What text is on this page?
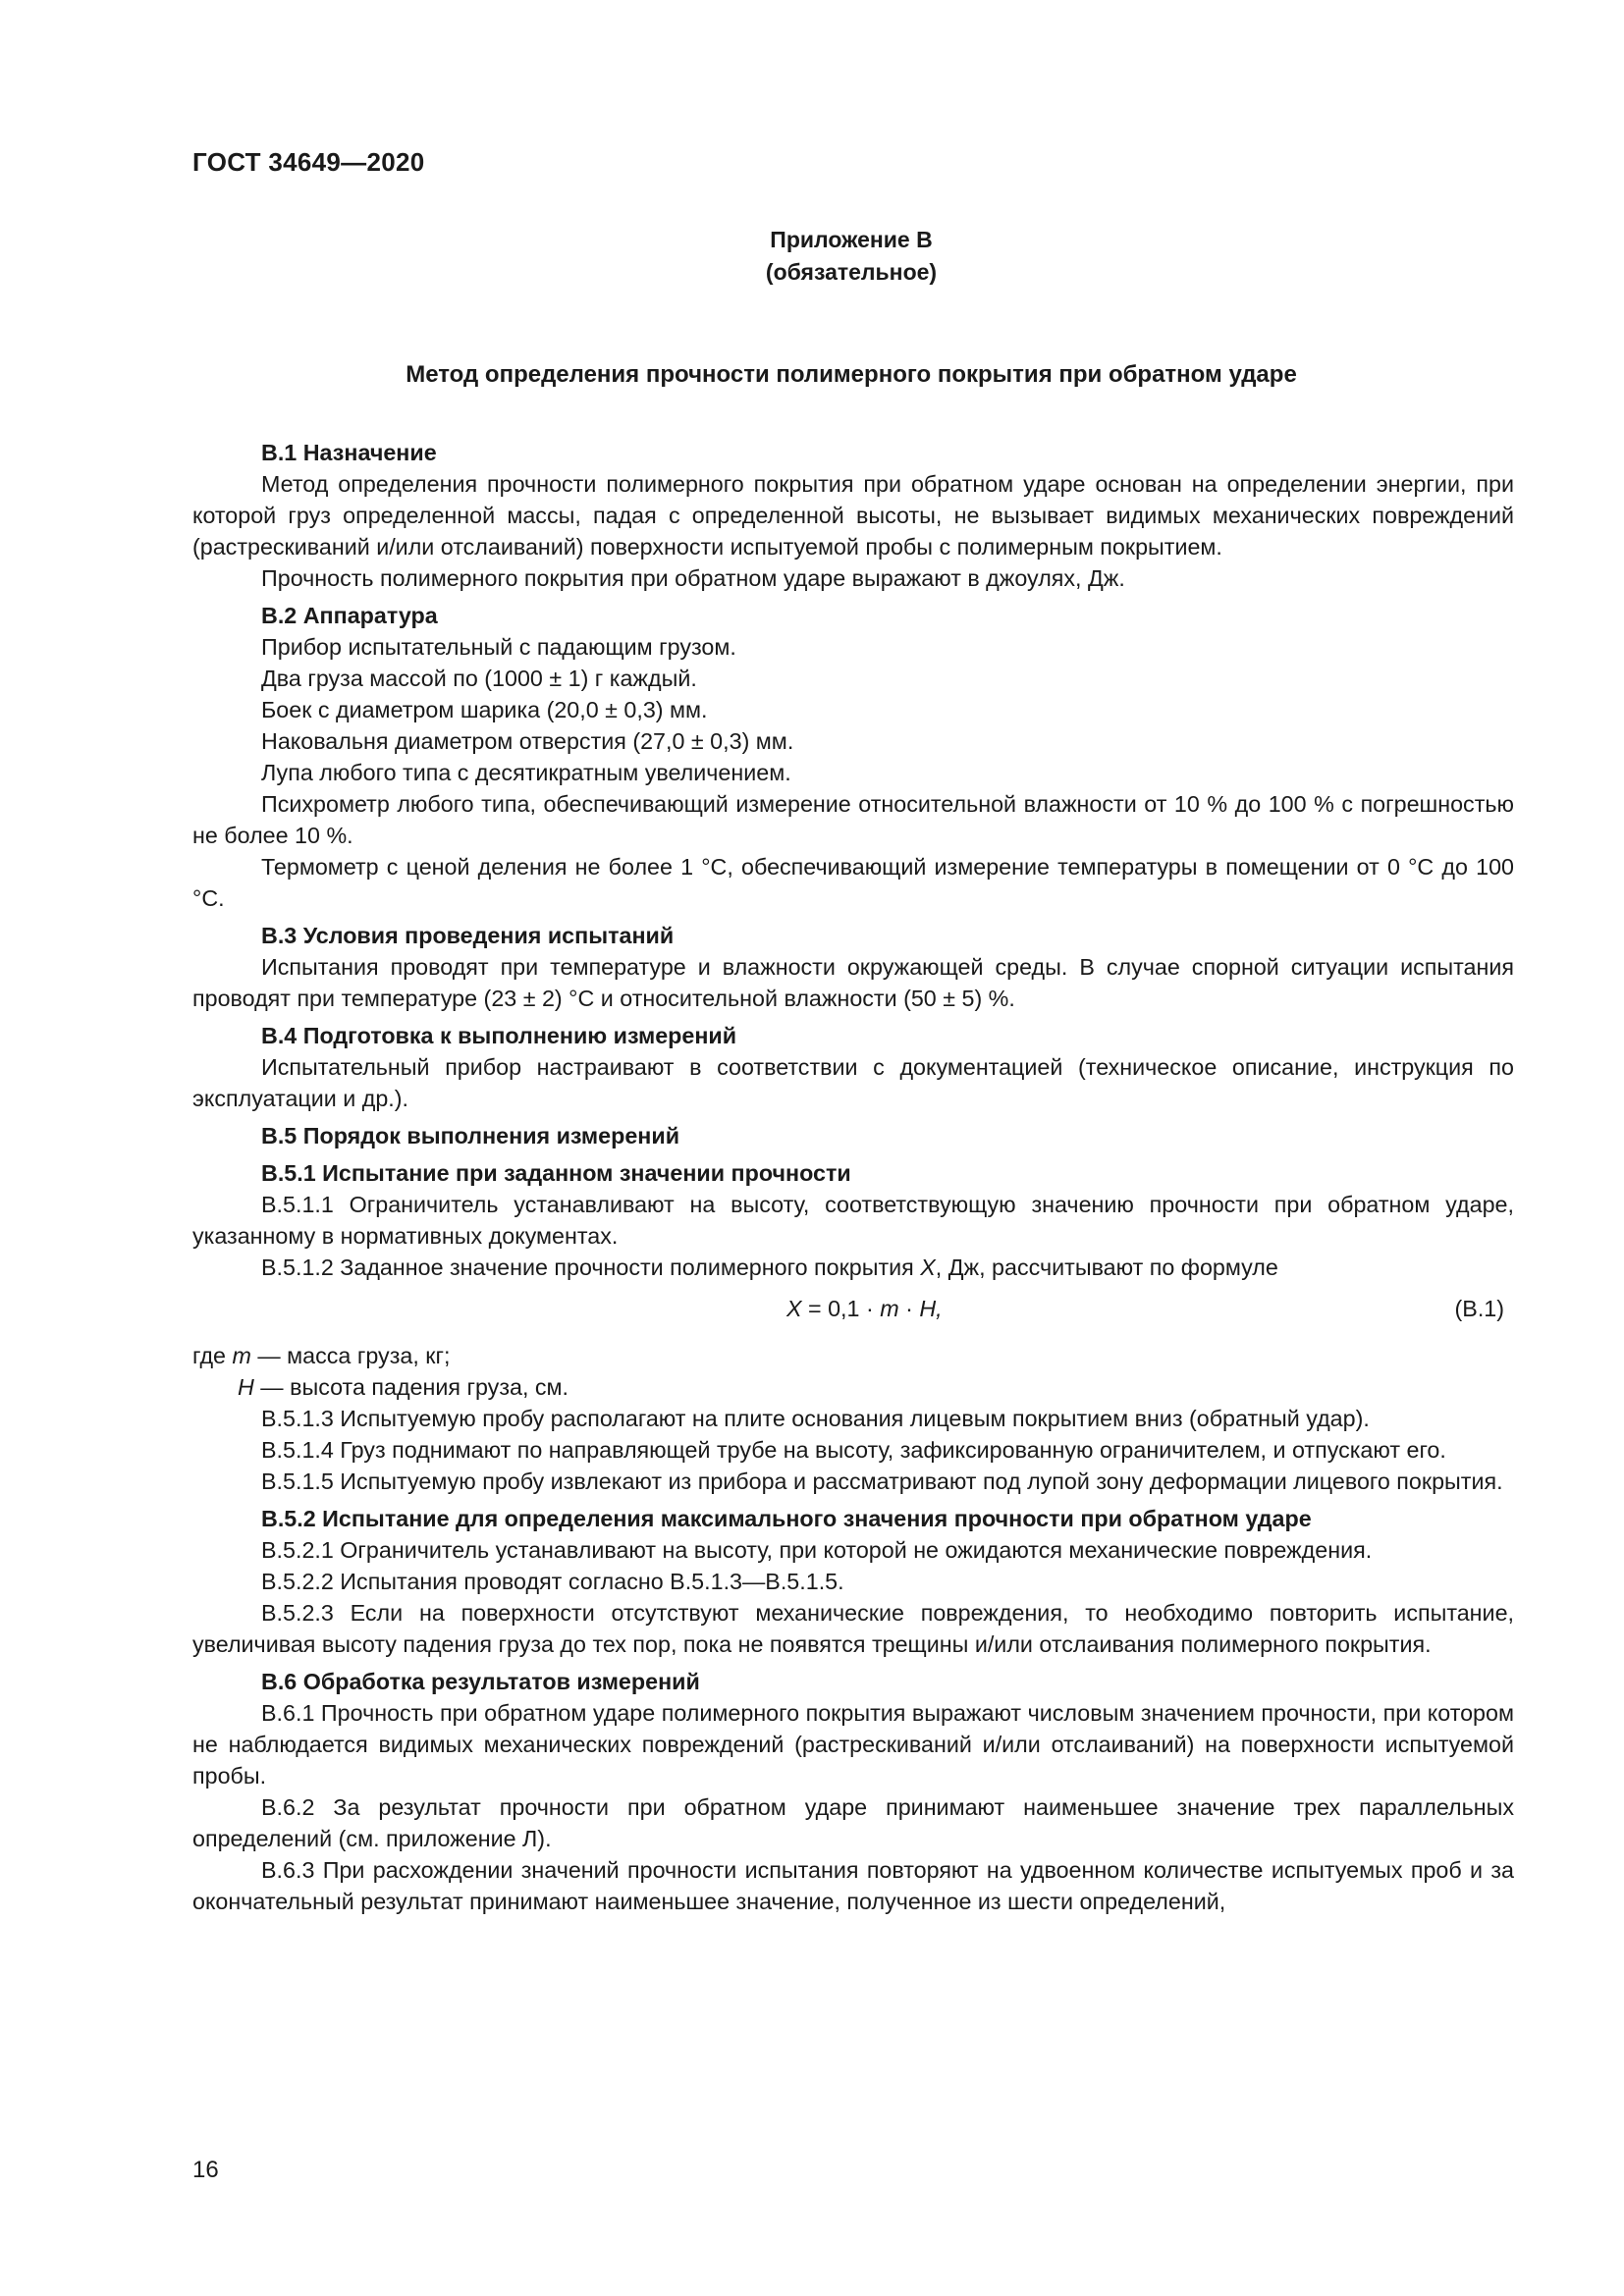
ГОСТ 34649—2020
Приложение В
(обязательное)
Метод определения прочности полимерного покрытия при обратном ударе

В.1 Назначение

Метод определения прочности полимерного покрытия при обратном ударе основан на определении энергии, при которой груз определенной массы, падая с определенной высоты, не вызывает видимых механических повреждений (растрескиваний и/или отслаиваний) поверхности испытуемой пробы с полимерным покрытием.

Прочность полимерного покрытия при обратном ударе выражают в джоулях, Дж.

В.2 Аппаратура

Прибор испытательный с падающим грузом.

Два груза массой по (1000 ± 1) г каждый.

Боек с диаметром шарика (20,0 ± 0,3) мм.

Наковальня диаметром отверстия (27,0 ± 0,3) мм.

Лупа любого типа с десятикратным увеличением.

Психрометр любого типа, обеспечивающий измерение относительной влажности от 10 % до 100 % с погрешностью не более 10 %.

Термометр с ценой деления не более 1 °С, обеспечивающий измерение температуры в помещении от 0 °С до 100 °С.

В.3 Условия проведения испытаний

Испытания проводят при температуре и влажности окружающей среды. В случае спорной ситуации испытания проводят при температуре (23 ± 2) °С и относительной влажности (50 ± 5) %.

В.4 Подготовка к выполнению измерений

Испытательный прибор настраивают в соответствии с документацией (техническое описание, инструкция по эксплуатации и др.).

В.5 Порядок выполнения измерений

В.5.1 Испытание при заданном значении прочности

В.5.1.1 Ограничитель устанавливают на высоту, соответствующую значению прочности при обратном ударе, указанному в нормативных документах.

В.5.1.2 Заданное значение прочности полимерного покрытия X, Дж, рассчитывают по формуле

X = 0,1 · m · H,	(В.1)

где m — масса груза, кг;

H — высота падения груза, см.

В.5.1.3 Испытуемую пробу располагают на плите основания лицевым покрытием вниз (обратный удар).

В.5.1.4 Груз поднимают по направляющей трубе на высоту, зафиксированную ограничителем, и отпускают его.

В.5.1.5 Испытуемую пробу извлекают из прибора и рассматривают под лупой зону деформации лицевого покрытия.

В.5.2 Испытание для определения максимального значения прочности при обратном ударе

В.5.2.1 Ограничитель устанавливают на высоту, при которой не ожидаются механические повреждения.

В.5.2.2 Испытания проводят согласно В.5.1.3—В.5.1.5.

В.5.2.3 Если на поверхности отсутствуют механические повреждения, то необходимо повторить испытание, увеличивая высоту падения груза до тех пор, пока не появятся трещины и/или отслаивания полимерного покрытия.

В.6 Обработка результатов измерений

В.6.1 Прочность при обратном ударе полимерного покрытия выражают числовым значением прочности, при котором не наблюдается видимых механических повреждений (растрескиваний и/или отслаиваний) на поверхности испытуемой пробы.

В.6.2 За результат прочности при обратном ударе принимают наименьшее значение трех параллельных определений (см. приложение Л).

В.6.3 При расхождении значений прочности испытания повторяют на удвоенном количестве испытуемых проб и за окончательный результат принимают наименьшее значение, полученное из шести определений,

16
